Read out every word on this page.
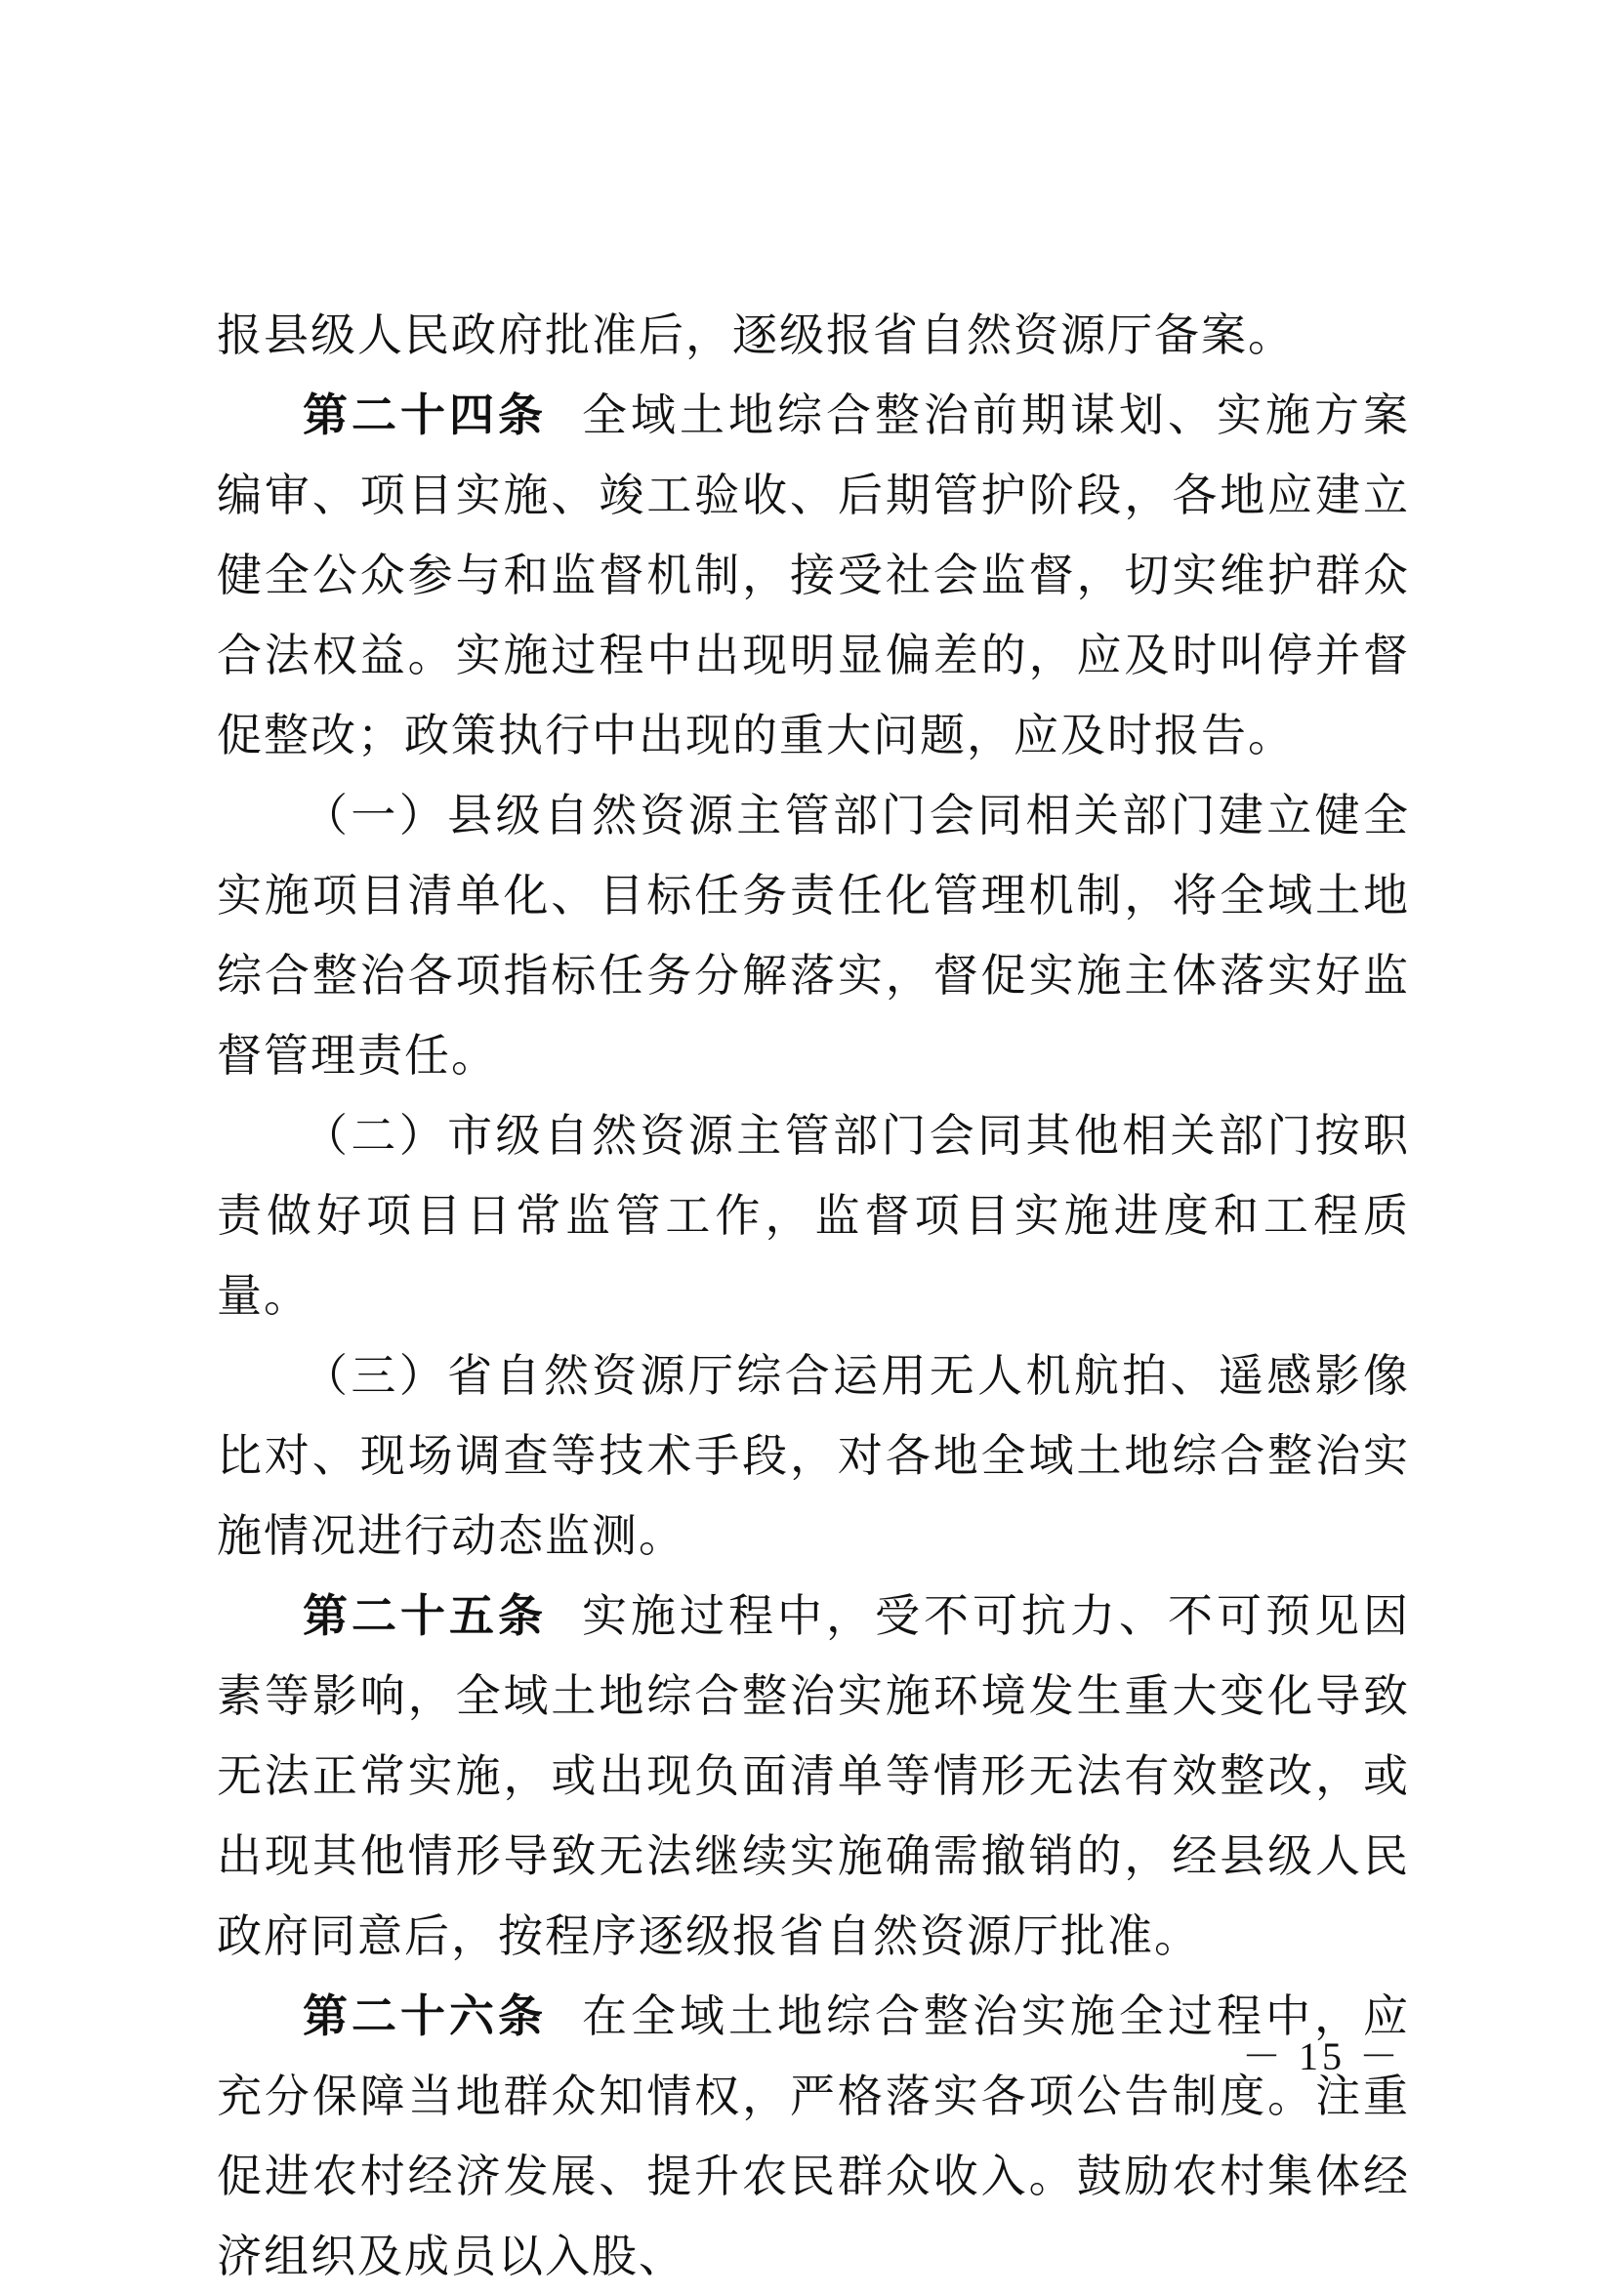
报县级人民政府批准后，逐级报省自然资源厅备案。

第二十四条 全域土地综合整治前期谋划、实施方案编审、项目实施、竣工验收、后期管护阶段，各地应建立健全公众参与和监督机制，接受社会监督，切实维护群众合法权益。实施过程中出现明显偏差的，应及时叫停并督促整改；政策执行中出现的重大问题，应及时报告。

（一）县级自然资源主管部门会同相关部门建立健全实施项目清单化、目标任务责任化管理机制，将全域土地综合整治各项指标任务分解落实，督促实施主体落实好监督管理责任。

（二）市级自然资源主管部门会同其他相关部门按职责做好项目日常监管工作，监督项目实施进度和工程质量。

（三）省自然资源厅综合运用无人机航拍、遥感影像比对、现场调查等技术手段，对各地全域土地综合整治实施情况进行动态监测。

第二十五条 实施过程中，受不可抗力、不可预见因素等影响，全域土地综合整治实施环境发生重大变化导致无法正常实施，或出现负面清单等情形无法有效整改，或出现其他情形导致无法继续实施确需撤销的，经县级人民政府同意后，按程序逐级报省自然资源厅批准。

第二十六条 在全域土地综合整治实施全过程中，应充分保障当地群众知情权，严格落实各项公告制度。注重促进农村经济发展、提升农民群众收入。鼓励农村集体经济组织及成员以入股、

－ 15 －
